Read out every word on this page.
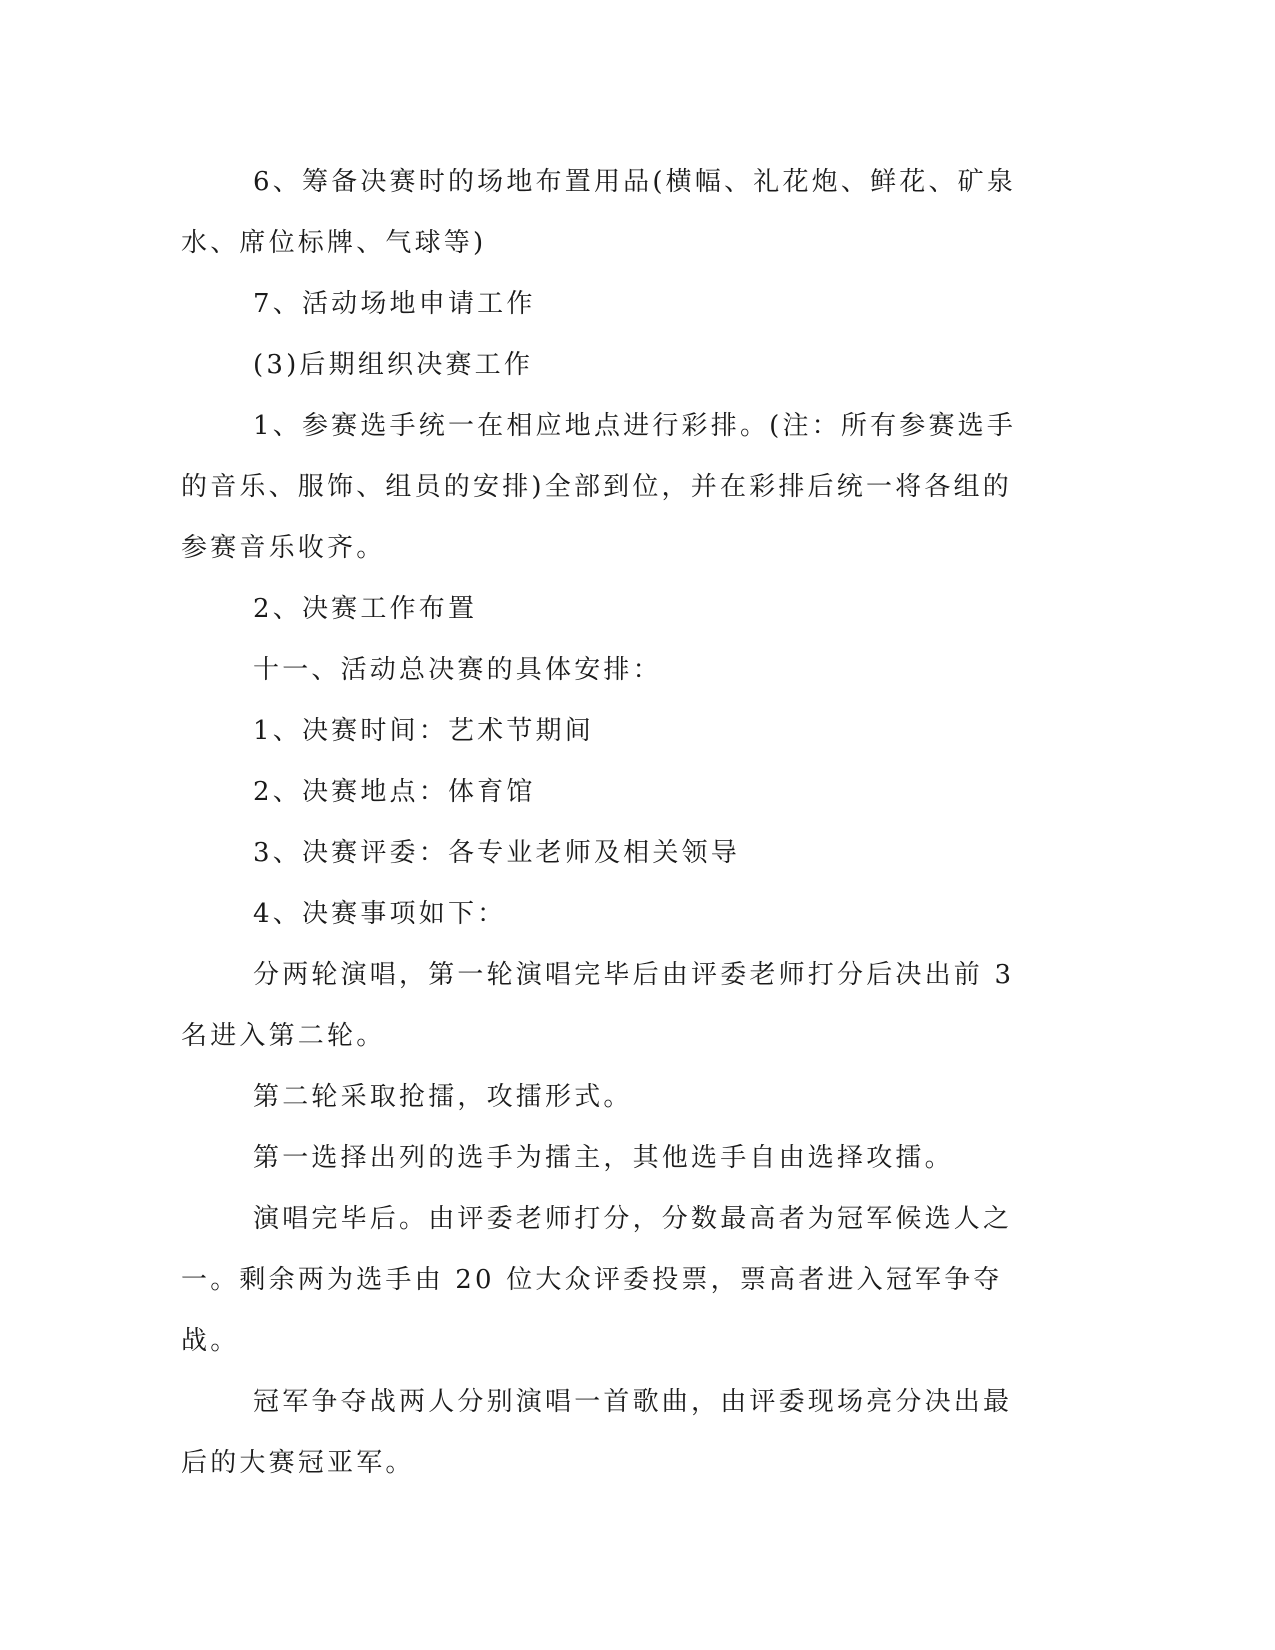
6、筹备决赛时的场地布置用品(横幅、礼花炮、鲜花、矿泉水、席位标牌、气球等)

7、活动场地申请工作

(3)后期组织决赛工作

1、参赛选手统一在相应地点进行彩排。(注：所有参赛选手的音乐、服饰、组员的安排)全部到位，并在彩排后统一将各组的参赛音乐收齐。

2、决赛工作布置

十一、活动总决赛的具体安排：

1、决赛时间：艺术节期间

2、决赛地点：体育馆

3、决赛评委：各专业老师及相关领导

4、决赛事项如下：

分两轮演唱，第一轮演唱完毕后由评委老师打分后决出前 3 名进入第二轮。

第二轮采取抢擂，攻擂形式。

第一选择出列的选手为擂主，其他选手自由选择攻擂。

演唱完毕后。由评委老师打分，分数最高者为冠军候选人之一。剩余两为选手由 20 位大众评委投票，票高者进入冠军争夺战。

冠军争夺战两人分别演唱一首歌曲，由评委现场亮分决出最后的大赛冠亚军。
